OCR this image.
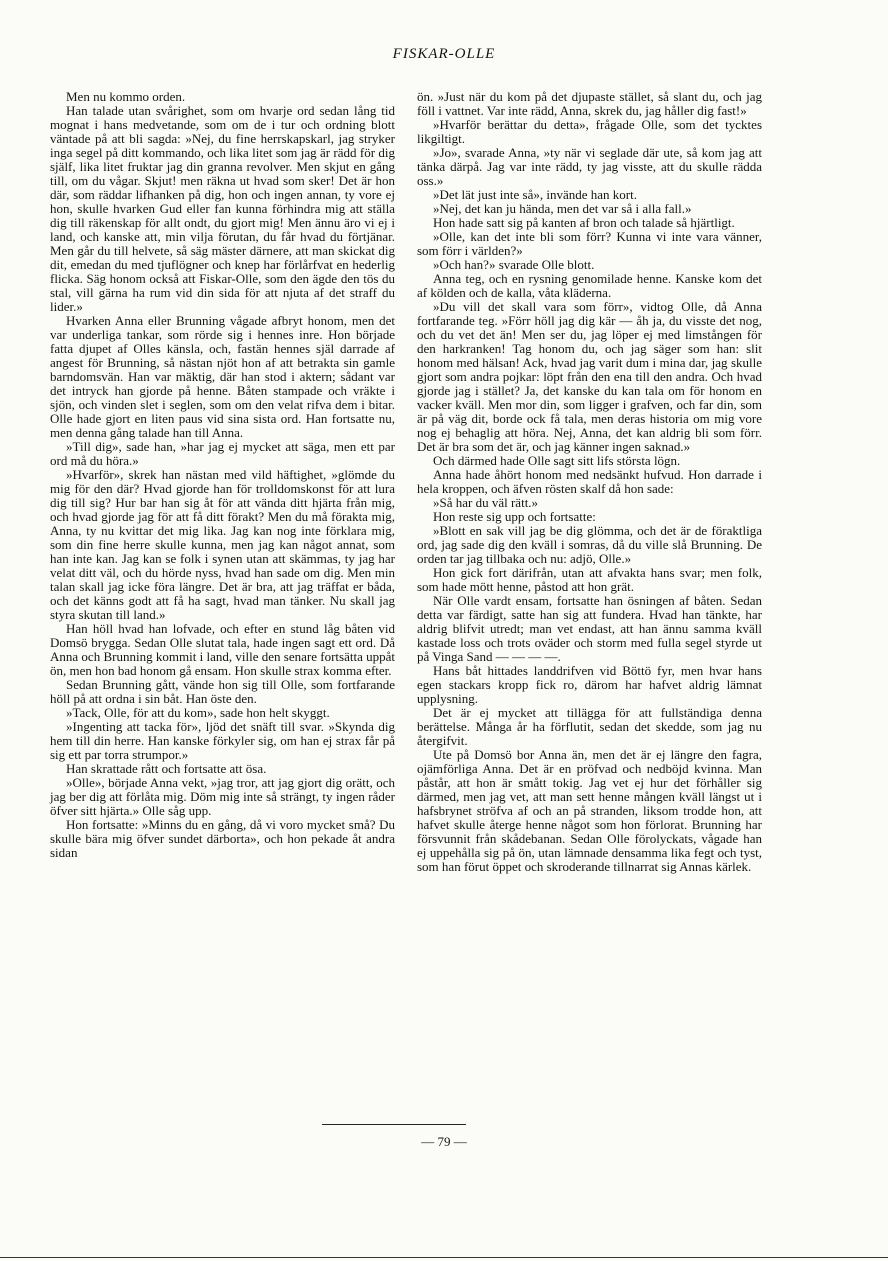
FISKAR-OLLE

Men nu kommo orden.

Han talade utan svårighet, som om hvarje ord sedan lång tid mognat i hans medvetande, som om de i tur och ordning blott väntade på att bli sagda: »Nej, du fine herrskapskarl, jag stryker inga segel på ditt kommando, och lika litet som jag är rädd för dig själf, lika litet fruktar jag din granna revolver. Men skjut en gång till, om du vågar. Skjut! men räkna ut hvad som sker! Det är hon där, som räddar lifhanken på dig, hon och ingen annan, ty vore ej hon, skulle hvarken Gud eller fan kunna förhindra mig att ställa dig till räkenskap för allt ondt, du gjort mig! Men ännu äro vi ej i land, och kanske att, min vilja förutan, du får hvad du förtjänar. Men går du till helvete, så säg mäster därnere, att man skickat dig dit, emedan du med tjuflögner och knep har förlårfvat en hederlig flicka. Säg honom också att Fiskar-Olle, som den ägde den tös du stal, vill gärna ha rum vid din sida för att njuta af det straff du lider.»

Hvarken Anna eller Brunning vågade afbryt honom, men det var underliga tankar, som rörde sig i hennes inre. Hon började fatta djupet af Olles känsla, och, fastän hennes själ darrade af angest för Brunning, så nästan njöt hon af att betrakta sin gamle barndomsvän. Han var mäktig, där han stod i aktern; sådant var det intryck han gjorde på henne. Båten stampade och vräkte i sjön, och vinden slet i seglen, som om den velat rifva dem i bitar. Olle hade gjort en liten paus vid sina sista ord. Han fortsatte nu, men denna gång talade han till Anna.

»Till dig», sade han, »har jag ej mycket att säga, men ett par ord må du höra.»

»Hvarför», skrek han nästan med vild häftighet, »glömde du mig för den där? Hvad gjorde han för trolldomskonst för att lura dig till sig? Hur bar han sig åt för att vända ditt hjärta från mig, och hvad gjorde jag för att få ditt förakt? Men du må förakta mig, Anna, ty nu kvittar det mig lika. Jag kan nog inte förklara mig, som din fine herre skulle kunna, men jag kan något annat, som han inte kan. Jag kan se folk i synen utan att skämmas, ty jag har velat ditt väl, och du hörde nyss, hvad han sade om dig. Men min talan skall jag icke föra längre. Det är bra, att jag träffat er båda, och det känns godt att få ha sagt, hvad man tänker. Nu skall jag styra skutan till land.»

Han höll hvad han lofvade, och efter en stund låg båten vid Domsö brygga. Sedan Olle slutat tala, hade ingen sagt ett ord. Då Anna och Brunning kommit i land, ville den senare fortsätta uppåt ön, men hon bad honom gå ensam. Hon skulle strax komma efter.

Sedan Brunning gått, vände hon sig till Olle, som fortfarande höll på att ordna i sin båt. Han öste den.

»Tack, Olle, för att du kom», sade hon helt skyggt.

»Ingenting att tacka för», ljöd det snäft till svar. »Skynda dig hem till din herre. Han kanske förkyler sig, om han ej strax får på sig ett par torra strumpor.»

Han skrattade rått och fortsatte att ösa.

»Olle», började Anna vekt, »jag tror, att jag gjort dig orätt, och jag ber dig att förlåta mig. Döm mig inte så strängt, ty ingen råder öfver sitt hjärta.» Olle såg upp.

Hon fortsatte: »Minns du en gång, då vi voro mycket små? Du skulle bära mig öfver sundet därborta», och hon pekade åt andra sidan

ön. »Just när du kom på det djupaste stället, så slant du, och jag föll i vattnet. Var inte rädd, Anna, skrek du, jag håller dig fast!»

»Hvarför berättar du detta», frågade Olle, som det tycktes likgiltigt.

»Jo», svarade Anna, »ty när vi seglade där ute, så kom jag att tänka därpå. Jag var inte rädd, ty jag visste, att du skulle rädda oss.»

»Det lät just inte så», invände han kort.

»Nej, det kan ju hända, men det var så i alla fall.»

Hon hade satt sig på kanten af bron och talade så hjärtligt.

»Olle, kan det inte bli som förr? Kunna vi inte vara vänner, som förr i världen?»

»Och han?» svarade Olle blott.

Anna teg, och en rysning genomilade henne. Kanske kom det af kölden och de kalla, våta kläderna.

»Du vill det skall vara som förr», vidtog Olle, då Anna fortfarande teg. »Förr höll jag dig kär — åh ja, du visste det nog, och du vet det än! Men ser du, jag löper ej med limstången för den harkranken! Tag honom du, och jag säger som han: slit honom med hälsan! Ack, hvad jag varit dum i mina dar, jag skulle gjort som andra pojkar: löpt från den ena till den andra. Och hvad gjorde jag i stället? Ja, det kanske du kan tala om för honom en vacker kväll. Men mor din, som ligger i grafven, och far din, som är på väg dit, borde ock få tala, men deras historia om mig vore nog ej behaglig att höra. Nej, Anna, det kan aldrig bli som förr. Det är bra som det är, och jag känner ingen saknad.»

Och därmed hade Olle sagt sitt lifs största lögn.

Anna hade åhört honom med nedsänkt hufvud. Hon darrade i hela kroppen, och äfven rösten skalf då hon sade:

»Så har du väl rätt.»

Hon reste sig upp och fortsatte:

»Blott en sak vill jag be dig glömma, och det är de föraktliga ord, jag sade dig den kväll i somras, då du ville slå Brunning. De orden tar jag tillbaka och nu: adjö, Olle.»

Hon gick fort därifrån, utan att afvakta hans svar; men folk, som hade mött henne, påstod att hon grät.

När Olle vardt ensam, fortsatte han ösningen af båten. Sedan detta var färdigt, satte han sig att fundera. Hvad han tänkte, har aldrig blifvit utredt; man vet endast, att han ännu samma kväll kastade loss och trots oväder och storm med fulla segel styrde ut på Vinga Sand — — — —.

Hans båt hittades landdrifven vid Böttö fyr, men hvar hans egen stackars kropp fick ro, därom har hafvet aldrig lämnat upplysning.

Det är ej mycket att tillägga för att fullständiga denna berättelse. Många år ha förflutit, sedan det skedde, som jag nu återgifvit.

Ute på Domsö bor Anna än, men det är ej längre den fagra, ojämförliga Anna. Det är en pröfvad och nedböjd kvinna. Man påstår, att hon är smått tokig. Jag vet ej hur det förhåller sig därmed, men jag vet, att man sett henne mången kväll längst ut i hafsbrynet ströfva af och an på stranden, liksom trodde hon, att hafvet skulle återge henne något som hon förlorat. Brunning har försvunnit från skådebanan. Sedan Olle förolyckats, vågade han ej uppehålla sig på ön, utan lämnade densamma lika fegt och tyst, som han förut öppet och skroderande tillnarrat sig Annas kärlek.

— 79 —
